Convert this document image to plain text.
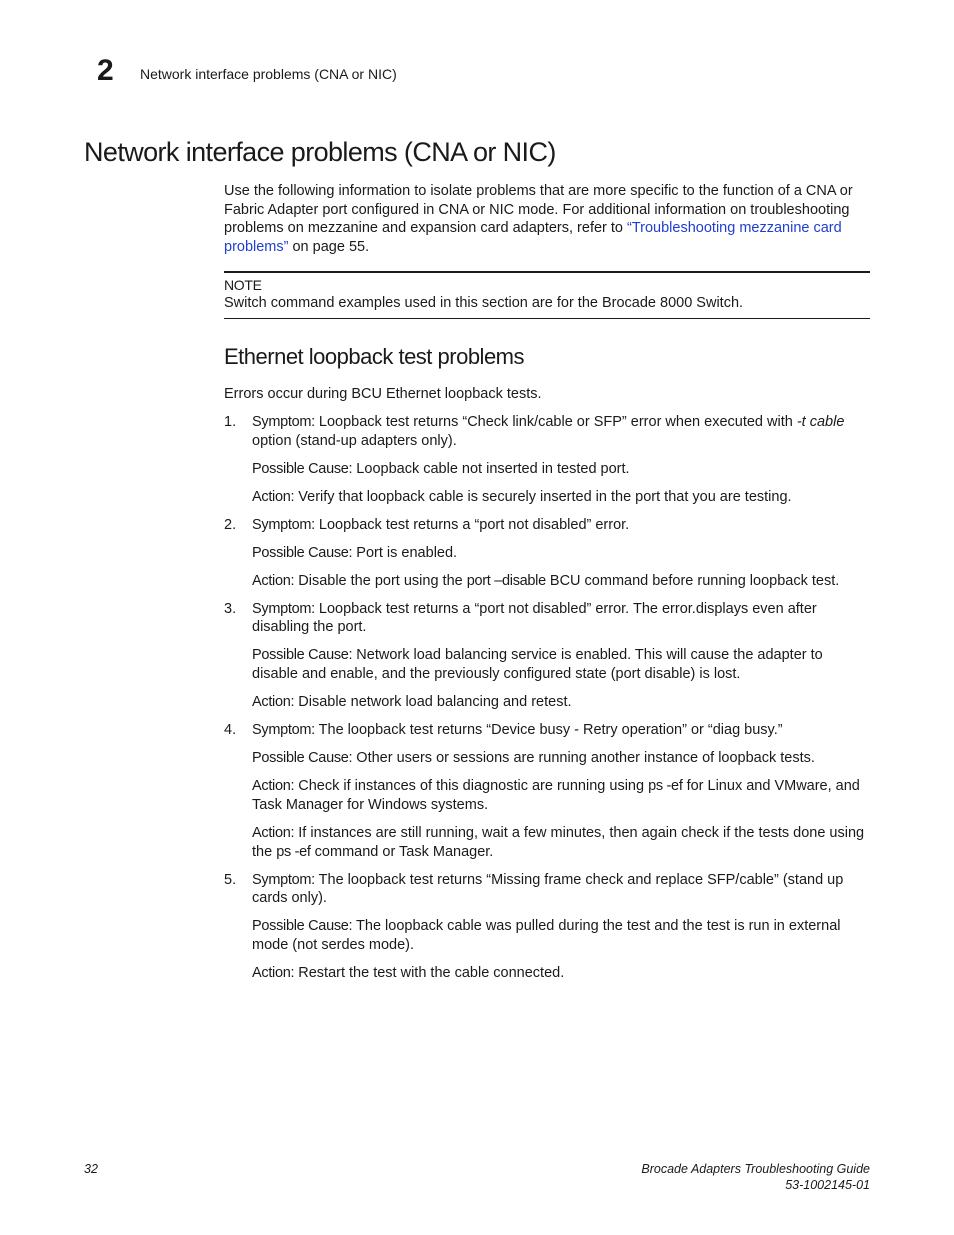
2 Network interface problems (CNA or NIC)
Network interface problems (CNA or NIC)
Use the following information to isolate problems that are more specific to the function of a CNA or Fabric Adapter port configured in CNA or NIC mode. For additional information on troubleshooting problems on mezzanine and expansion card adapters, refer to “Troubleshooting mezzanine card problems” on page 55.
NOTE
Switch command examples used in this section are for the Brocade 8000 Switch.
Ethernet loopback test problems
Errors occur during BCU Ethernet loopback tests.
1. Symptom: Loopback test returns “Check link/cable or SFP” error when executed with -t cable option (stand-up adapters only).

Possible Cause: Loopback cable not inserted in tested port.

Action: Verify that loopback cable is securely inserted in the port that you are testing.

2. Symptom: Loopback test returns a “port not disabled” error.

Possible Cause: Port is enabled.

Action: Disable the port using the port –disable BCU command before running loopback test.

3. Symptom: Loopback test returns a “port not disabled” error. The error.displays even after disabling the port.

Possible Cause: Network load balancing service is enabled. This will cause the adapter to disable and enable, and the previously configured state (port disable) is lost.

Action: Disable network load balancing and retest.

4. Symptom: The loopback test returns “Device busy - Retry operation” or “diag busy.”

Possible Cause: Other users or sessions are running another instance of loopback tests.

Action: Check if instances of this diagnostic are running using ps -ef for Linux and VMware, and Task Manager for Windows systems.

Action: If instances are still running, wait a few minutes, then again check if the tests done using the ps -ef command or Task Manager.

5. Symptom: The loopback test returns “Missing frame check and replace SFP/cable” (stand up cards only).

Possible Cause: The loopback cable was pulled during the test and the test is run in external mode (not serdes mode).

Action: Restart the test with the cable connected.

32	Brocade Adapters Troubleshooting Guide
53-1002145-01
